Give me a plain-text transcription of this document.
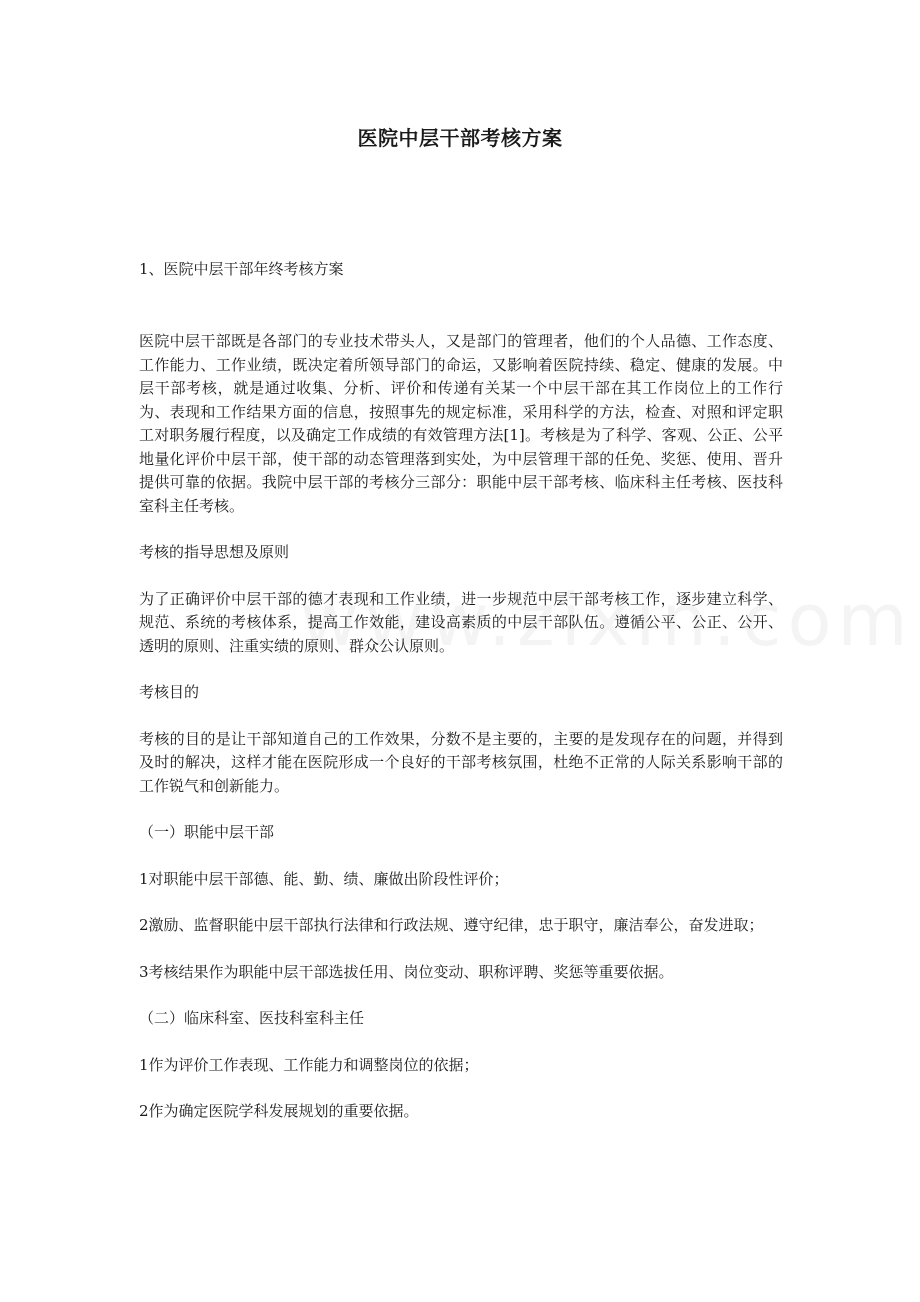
医院中层干部考核方案
1、医院中层干部年终考核方案

医院中层干部既是各部门的专业技术带头人，又是部门的管理者，他们的个人品德、工作态度、工作能力、工作业绩，既决定着所领导部门的命运，又影响着医院持续、稳定、健康的发展。中层干部考核，就是通过收集、分析、评价和传递有关某一个中层干部在其工作岗位上的工作行为、表现和工作结果方面的信息，按照事先的规定标准，采用科学的方法，检查、对照和评定职工对职务履行程度，以及确定工作成绩的有效管理方法[1]。考核是为了科学、客观、公正、公平地量化评价中层干部，使干部的动态管理落到实处，为中层管理干部的任免、奖惩、使用、晋升提供可靠的依据。我院中层干部的考核分三部分：职能中层干部考核、临床科主任考核、医技科室科主任考核。

考核的指导思想及原则

为了正确评价中层干部的德才表现和工作业绩，进一步规范中层干部考核工作，逐步建立科学、规范、系统的考核体系，提高工作效能，建设高素质的中层干部队伍。遵循公平、公正、公开、透明的原则、注重实绩的原则、群众公认原则。

考核目的

考核的目的是让干部知道自己的工作效果，分数不是主要的，主要的是发现存在的问题，并得到及时的解决，这样才能在医院形成一个良好的干部考核氛围，杜绝不正常的人际关系影响干部的工作锐气和创新能力。

（一）职能中层干部

1对职能中层干部德、能、勤、绩、廉做出阶段性评价；

2激励、监督职能中层干部执行法律和行政法规、遵守纪律，忠于职守，廉洁奉公，奋发进取；

3考核结果作为职能中层干部选拔任用、岗位变动、职称评聘、奖惩等重要依据。

（二）临床科室、医技科室科主任

1作为评价工作表现、工作能力和调整岗位的依据；

2作为确定医院学科发展规划的重要依据。
